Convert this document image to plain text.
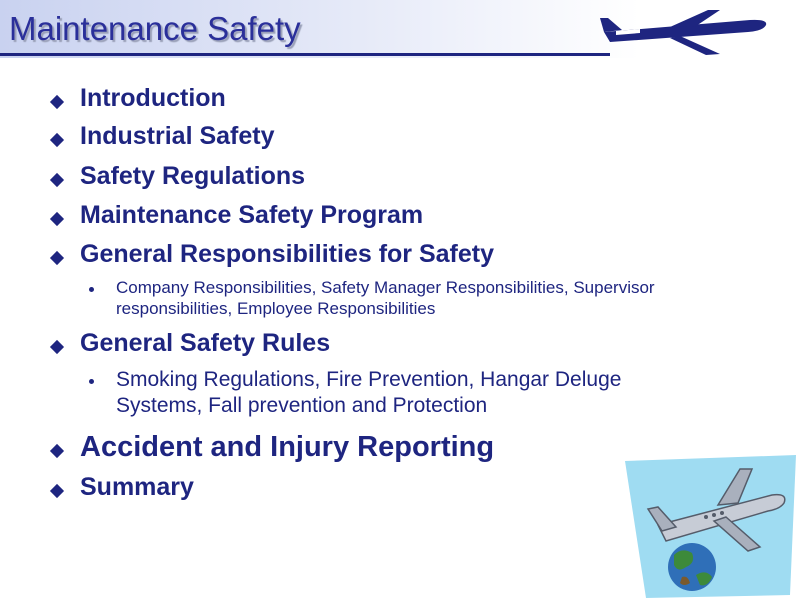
Maintenance Safety

Introduction

Industrial Safety

Safety Regulations

Maintenance Safety Program

General Responsibilities for Safety

Company Responsibilities, Safety Manager Responsibilities, Supervisor responsibilities, Employee Responsibilities

General Safety Rules

Smoking Regulations, Fire Prevention, Hangar Deluge Systems, Fall prevention and Protection

Accident and Injury Reporting

Summary
